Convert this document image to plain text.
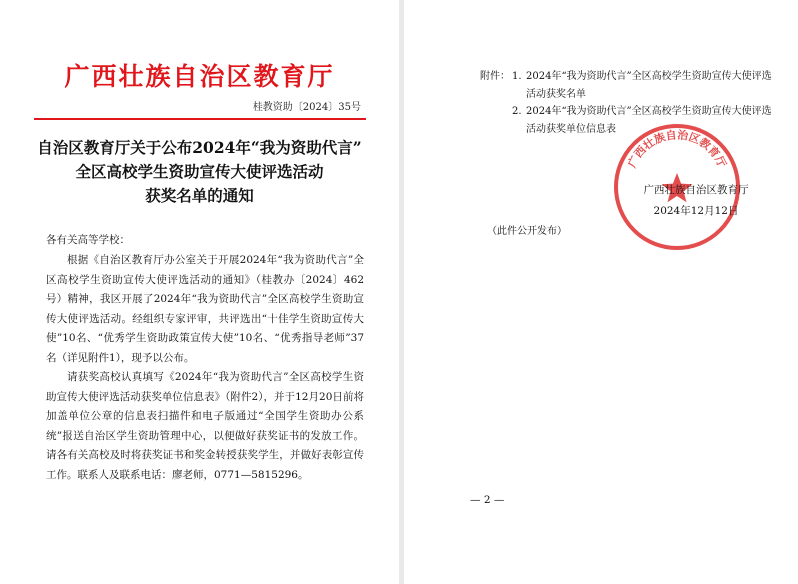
广西壮族自治区教育厅
桂教资助〔2024〕35号
自治区教育厅关于公布2024年“我为资助代言”
全区高校学生资助宣传大使评选活动
获奖名单的通知
各有关高等学校：

根据《自治区教育厅办公室关于开展2024年“我为资助代言”全区高校学生资助宣传大使评选活动的通知》（桂教办〔2024〕462号）精神，我区开展了2024年“我为资助代言”全区高校学生资助宣传大使评选活动。经组织专家评审，共评选出“十佳学生资助宣传大使”10名、“优秀学生资助政策宣传大使”10名、“优秀指导老师”37名（详见附件1），现予以公布。

请获奖高校认真填写《2024年“我为资助代言”全区高校学生资助宣传大使评选活动获奖单位信息表》（附件2），并于12月20日前将加盖单位公章的信息表扫描件和电子版通过“全国学生资助办公系统”报送自治区学生资助管理中心，以便做好获奖证书的发放工作。请各有关高校及时将获奖证书和奖金转授获奖学生，并做好表彰宣传工作。联系人及联系电话：廖老师，0771—5815296。

附件： 1. 2024年“我为资助代言”全区高校学生资助宣传大使评选活动获奖名单
2. 2024年“我为资助代言”全区高校学生资助宣传大使评选活动获奖单位信息表
广西壮族自治区教育厅
广西壮族自治区教育厅
2024年12月12日
（此件公开发布）
— 2 —
